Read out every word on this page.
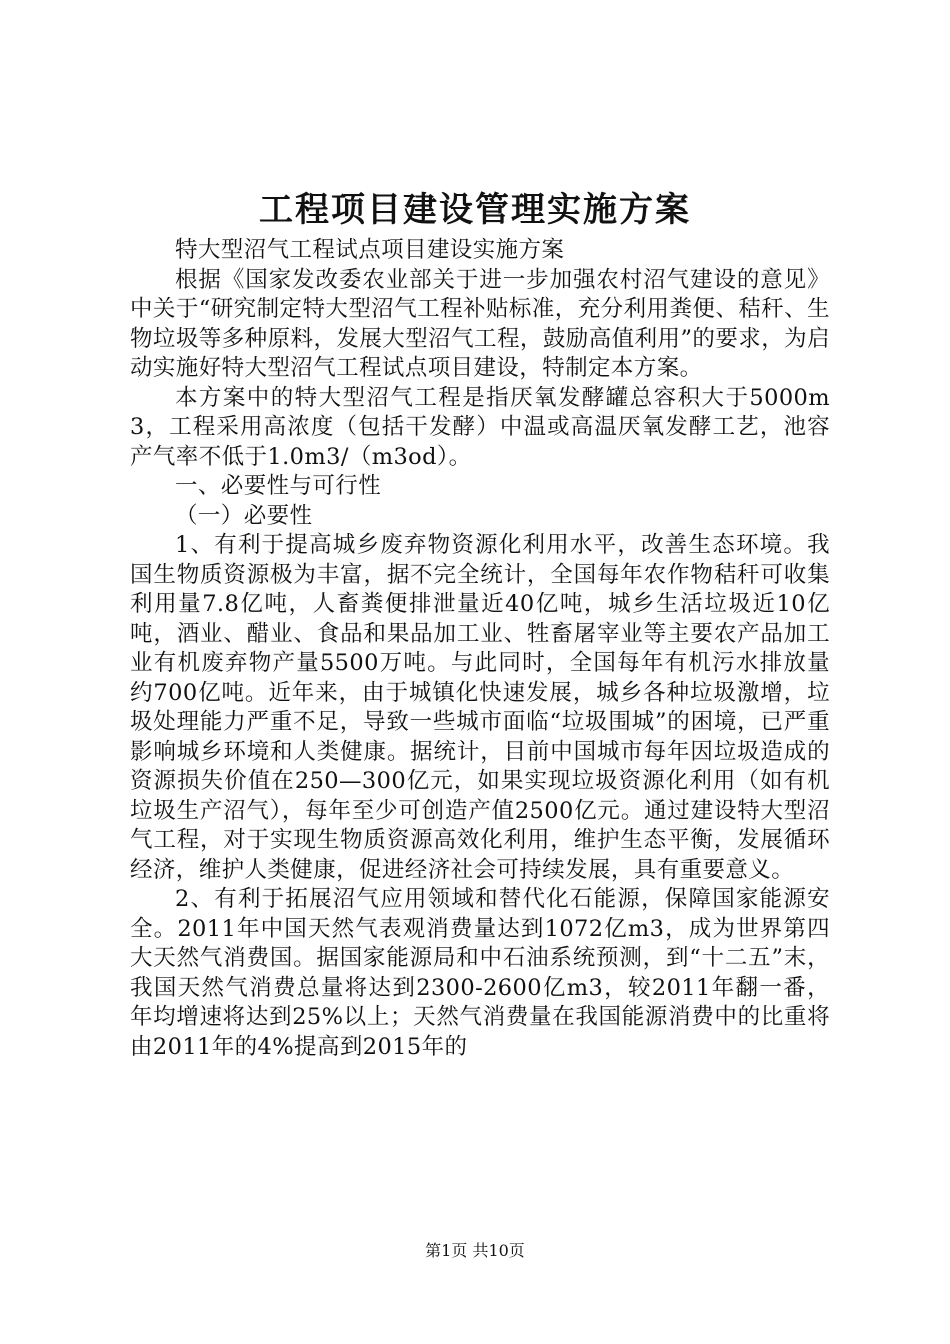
工程项目建设管理实施方案

特大型沼气工程试点项目建设实施方案

根据《国家发改委农业部关于进一步加强农村沼气建设的意见》中关于“研究制定特大型沼气工程补贴标准，充分利用粪便、秸秆、生物垃圾等多种原料，发展大型沼气工程，鼓励高值利用”的要求，为启动实施好特大型沼气工程试点项目建设，特制定本方案。

本方案中的特大型沼气工程是指厌氧发酵罐总容积大于5000m3，工程采用高浓度（包括干发酵）中温或高温厌氧发酵工艺，池容产气率不低于1.0m3/（m3od）。

一、必要性与可行性

（一）必要性

1、有利于提高城乡废弃物资源化利用水平，改善生态环境。我国生物质资源极为丰富，据不完全统计，全国每年农作物秸秆可收集利用量7.8亿吨，人畜粪便排泄量近40亿吨，城乡生活垃圾近10亿吨，酒业、醋业、食品和果品加工业、牲畜屠宰业等主要农产品加工业有机废弃物产量5500万吨。与此同时，全国每年有机污水排放量约700亿吨。近年来，由于城镇化快速发展，城乡各种垃圾激增，垃圾处理能力严重不足，导致一些城市面临“垃圾围城”的困境，已严重影响城乡环境和人类健康。据统计，目前中国城市每年因垃圾造成的资源损失价值在250—300亿元，如果实现垃圾资源化利用（如有机垃圾生产沼气），每年至少可创造产值2500亿元。通过建设特大型沼气工程，对于实现生物质资源高效化利用，维护生态平衡，发展循环经济，维护人类健康，促进经济社会可持续发展，具有重要意义。

2、有利于拓展沼气应用领域和替代化石能源，保障国家能源安全。2011年中国天然气表观消费量达到1072亿m3，成为世界第四大天然气消费国。据国家能源局和中石油系统预测，到“十二五”末，我国天然气消费总量将达到2300-2600亿m3，较2011年翻一番，年均增速将达到25%以上；天然气消费量在我国能源消费中的比重将由2011年的4%提高到2015年的

第1页 共10页
